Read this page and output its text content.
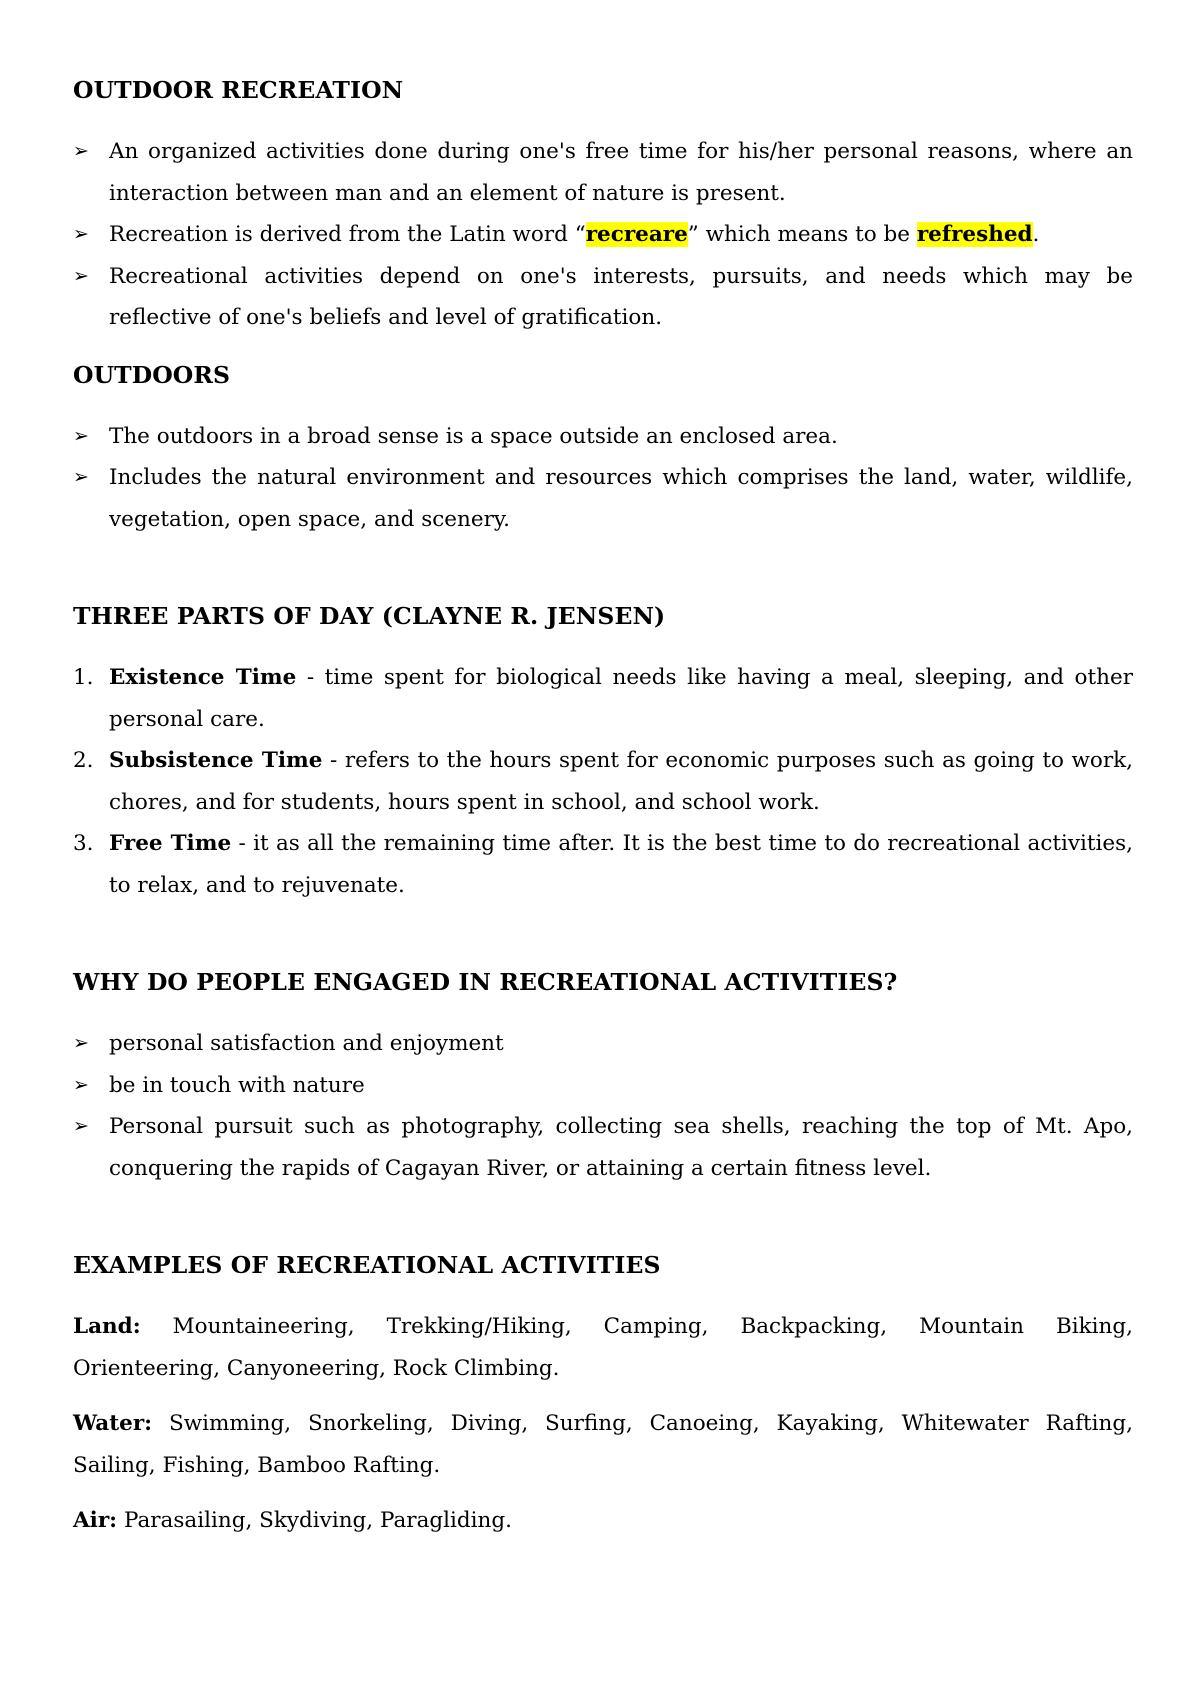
OUTDOOR RECREATION
➢ An organized activities done during one's free time for his/her personal reasons, where an interaction between man and an element of nature is present.
➢ Recreation is derived from the Latin word “recreare” which means to be refreshed.
➢ Recreational activities depend on one's interests, pursuits, and needs which may be reflective of one's beliefs and level of gratification.
OUTDOORS
➢ The outdoors in a broad sense is a space outside an enclosed area.
➢ Includes the natural environment and resources which comprises the land, water, wildlife, vegetation, open space, and scenery.
THREE PARTS OF DAY (CLAYNE R. JENSEN)
1. Existence Time - time spent for biological needs like having a meal, sleeping, and other personal care.
2. Subsistence Time - refers to the hours spent for economic purposes such as going to work, chores, and for students, hours spent in school, and school work.
3. Free Time - it as all the remaining time after. It is the best time to do recreational activities, to relax, and to rejuvenate.
WHY DO PEOPLE ENGAGED IN RECREATIONAL ACTIVITIES?
➢ personal satisfaction and enjoyment
➢ be in touch with nature
➢ Personal pursuit such as photography, collecting sea shells, reaching the top of Mt. Apo, conquering the rapids of Cagayan River, or attaining a certain fitness level.
EXAMPLES OF RECREATIONAL ACTIVITIES

Land: Mountaineering, Trekking/Hiking, Camping, Backpacking, Mountain Biking, Orienteering, Canyoneering, Rock Climbing.

Water: Swimming, Snorkeling, Diving, Surfing, Canoeing, Kayaking, Whitewater Rafting, Sailing, Fishing, Bamboo Rafting.

Air: Parasailing, Skydiving, Paragliding.
